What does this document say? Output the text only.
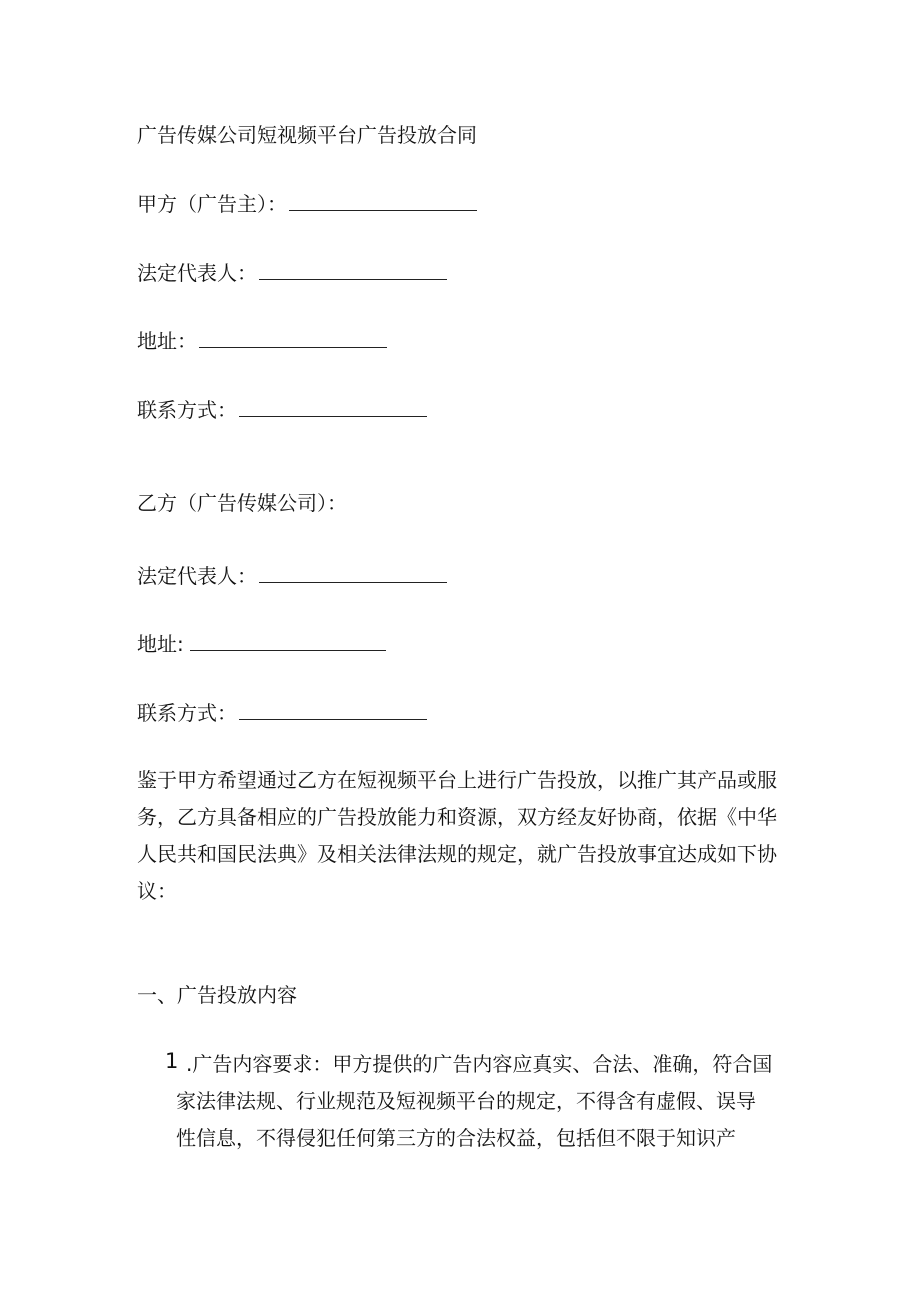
广告传媒公司短视频平台广告投放合同
甲方（广告主）：
法定代表人：
地址：
联系方式：
乙方（广告传媒公司）：
法定代表人：
地址:
联系方式：
鉴于甲方希望通过乙方在短视频平台上进行广告投放，以推广其产品或服
务，乙方具备相应的广告投放能力和资源，双方经友好协商，依据《中华
人民共和国民法典》及相关法律法规的规定，就广告投放事宜达成如下协
议：
一、广告投放内容
1 .广告内容要求：甲方提供的广告内容应真实、合法、准确，符合国
家法律法规、行业规范及短视频平台的规定，不得含有虚假、误导
性信息，不得侵犯任何第三方的合法权益，包括但不限于知识产
